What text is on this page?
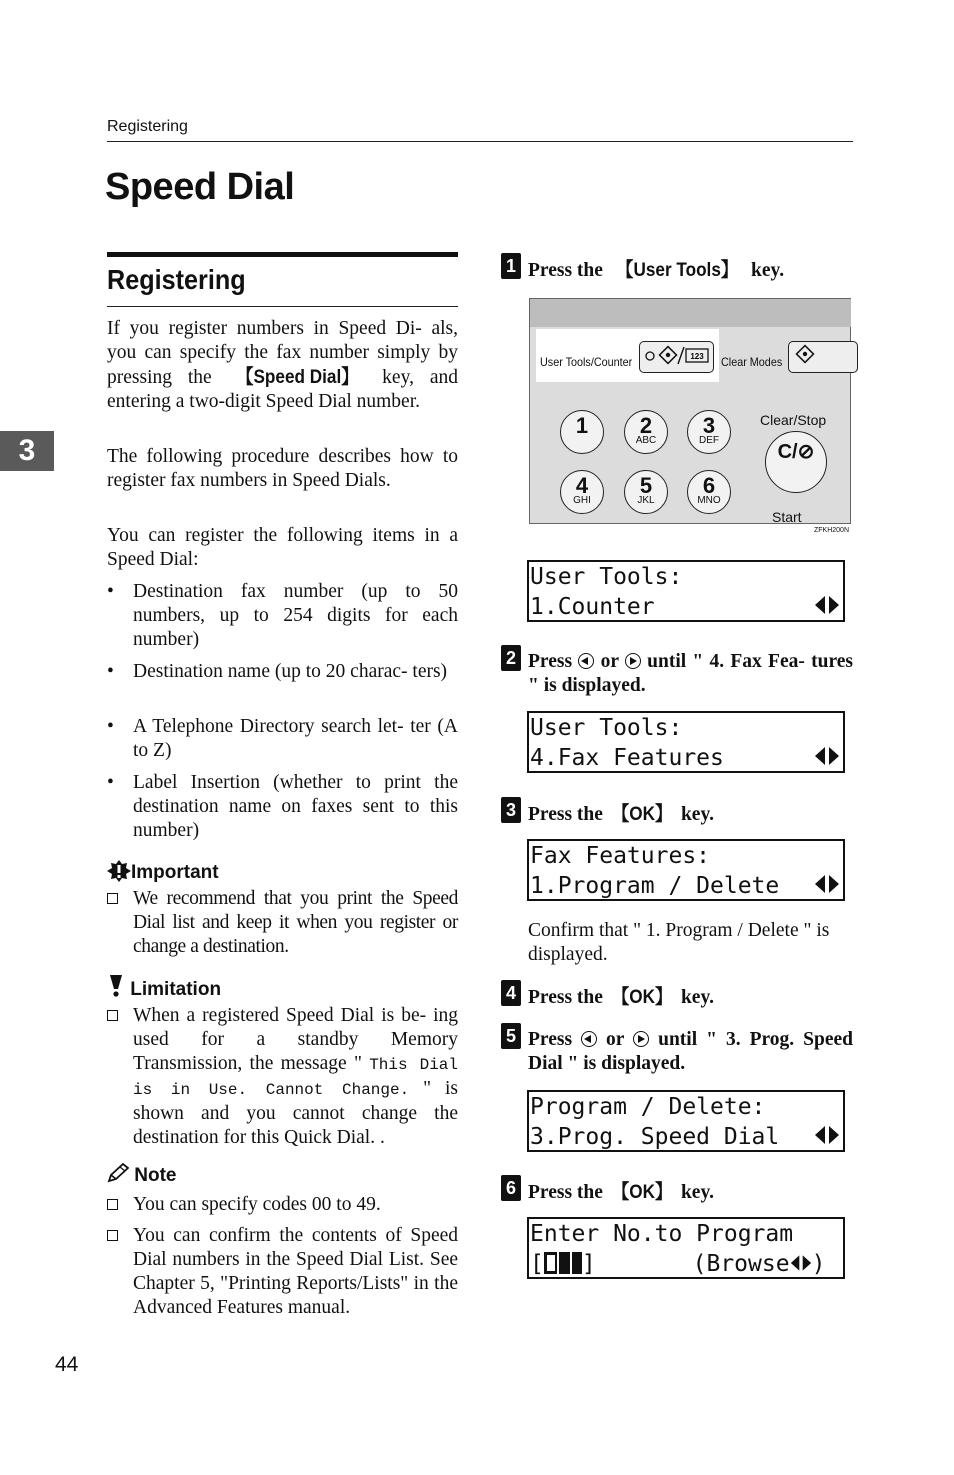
Registering
Speed Dial
3
Registering
If you register numbers in Speed Di- als, you can specify the fax number simply by pressing the 【Speed Dial】 key, and entering a two-digit Speed Dial number.
The following procedure describes how to register fax numbers in Speed Dials.
You can register the following items in a Speed Dial:
• Destination fax number (up to 50 numbers, up to 254 digits for each number)
• Destination name (up to 20 charac- ters)
• A Telephone Directory search let- ter (A to Z)
• Label Insertion (whether to print the destination name on faxes sent to this number)
Important
We recommend that you print the Speed Dial list and keep it when you register or change a destination.
Limitation
When a registered Speed Dial is be- ing used for a standby Memory Transmission, the message " This Dial is in Use. Cannot Change. " is shown and you cannot change the destination for this Quick Dial. .
Note
You can specify codes 00 to 49.
You can confirm the contents of Speed Dial numbers in the Speed Dial List. See Chapter 5, "Printing Reports/Lists" in the Advanced Features manual.
44
1 Press the 【User Tools】 key.
User Tools/Counter	123 Clear Modes
1	2
ABC
3
DEF
4
GHI
5
JKL
6
MNO
Clear/Stop
C/⊘
Start
ZFKH200N
User Tools:
1.Counter
2 Press  or  until " 4. Fax Fea- tures " is displayed.
User Tools:
4.Fax Features
3 Press the 【OK】 key.
Fax Features:
1.Program / Delete
Confirm that " 1. Program / Delete " is displayed.
4 Press the 【OK】 key.
5 Press  or  until " 3. Prog. Speed Dial " is displayed.
Program / Delete:
3.Prog. Speed Dial
6 Press the 【OK】 key.
Enter No.to Program
[ ]       (Browse )
